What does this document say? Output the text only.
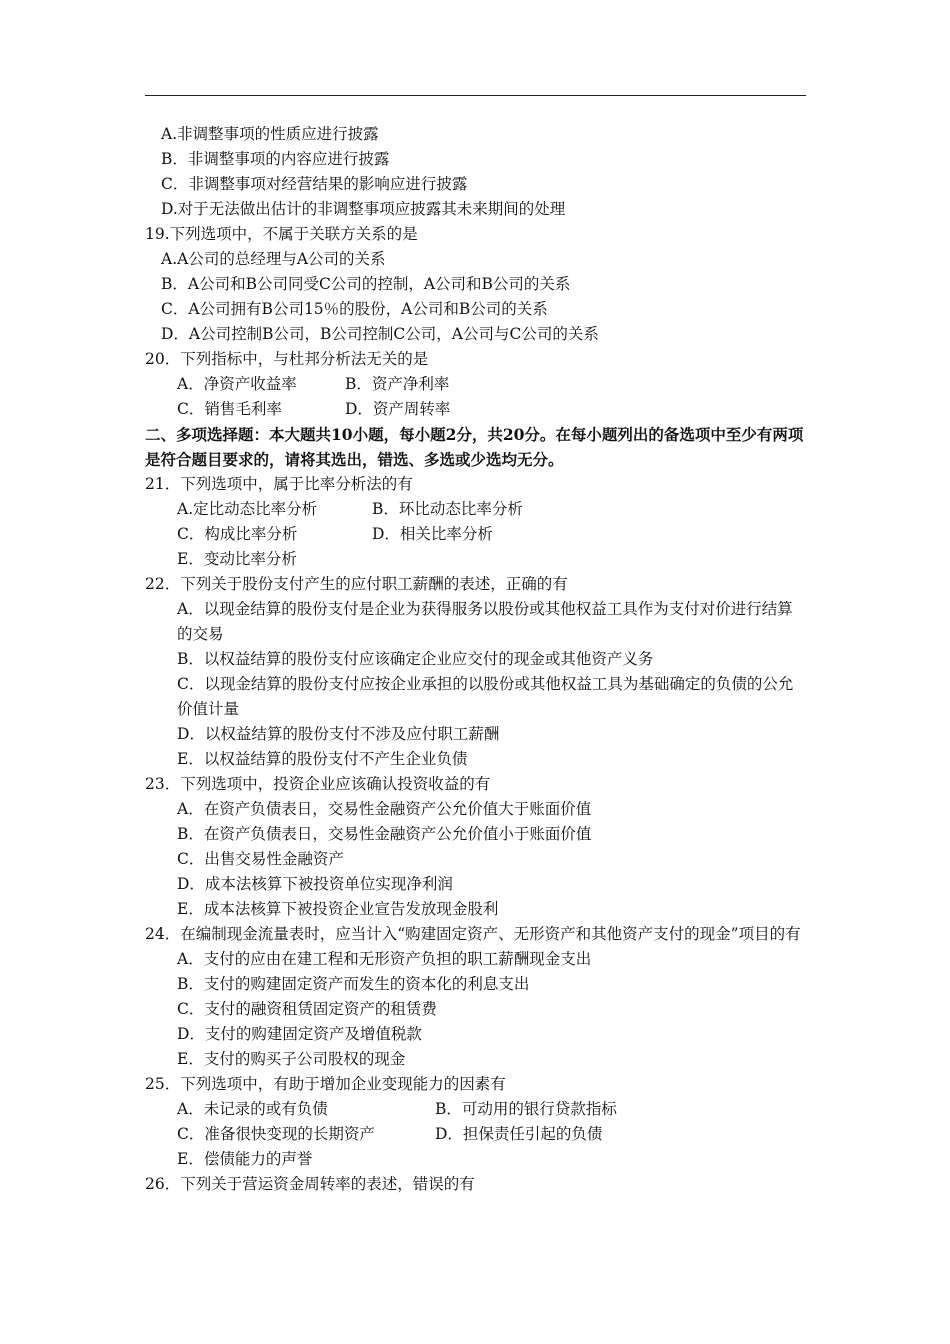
A.非调整事项的性质应进行披露
B．非调整事项的内容应进行披露
C．非调整事项对经营结果的影响应进行披露
D.对于无法做出估计的非调整事项应披露其未来期间的处理
19.下列选项中，不属于关联方关系的是
A.A公司的总经理与A公司的关系
B．A公司和B公司同受C公司的控制，A公司和B公司的关系
C．A公司拥有B公司15％的股份，A公司和B公司的关系
D．A公司控制B公司，B公司控制C公司，A公司与C公司的关系
20．下列指标中，与杜邦分析法无关的是
A．净资产收益率	B．资产净利率
C．销售毛利率	D．资产周转率
二、多项选择题：本大题共10小题，每小题2分，共20分。在每小题列出的备选项中至少有两项是符合题目要求的，请将其选出，错选、多选或少选均无分。
21．下列选项中，属于比率分析法的有
A.定比动态比率分析	B．环比动态比率分析
C．构成比率分析	D．相关比率分析
E．变动比率分析
22．下列关于股份支付产生的应付职工薪酬的表述，正确的有
A．以现金结算的股份支付是企业为获得服务以股份或其他权益工具作为支付对价进行结算的交易
B．以权益结算的股份支付应该确定企业应交付的现金或其他资产义务
C．以现金结算的股份支付应按企业承担的以股份或其他权益工具为基础确定的负债的公允价值计量
D．以权益结算的股份支付不涉及应付职工薪酬
E．以权益结算的股份支付不产生企业负债
23．下列选项中，投资企业应该确认投资收益的有
A．在资产负债表日，交易性金融资产公允价值大于账面价值
B．在资产负债表日，交易性金融资产公允价值小于账面价值
C．出售交易性金融资产
D．成本法核算下被投资单位实现净利润
E．成本法核算下被投资企业宣告发放现金股利
24．在编制现金流量表时，应当计入“购建固定资产、无形资产和其他资产支付的现金”项目的有
A．支付的应由在建工程和无形资产负担的职工薪酬现金支出
B．支付的购建固定资产而发生的资本化的利息支出
C．支付的融资租赁固定资产的租赁费
D．支付的购建固定资产及增值税款
E．支付的购买子公司股权的现金
25．下列选项中，有助于增加企业变现能力的因素有
A．未记录的或有负债	B．可动用的银行贷款指标
C．准备很快变现的长期资产	D．担保责任引起的负债
E．偿债能力的声誉
26．下列关于营运资金周转率的表述，错误的有
